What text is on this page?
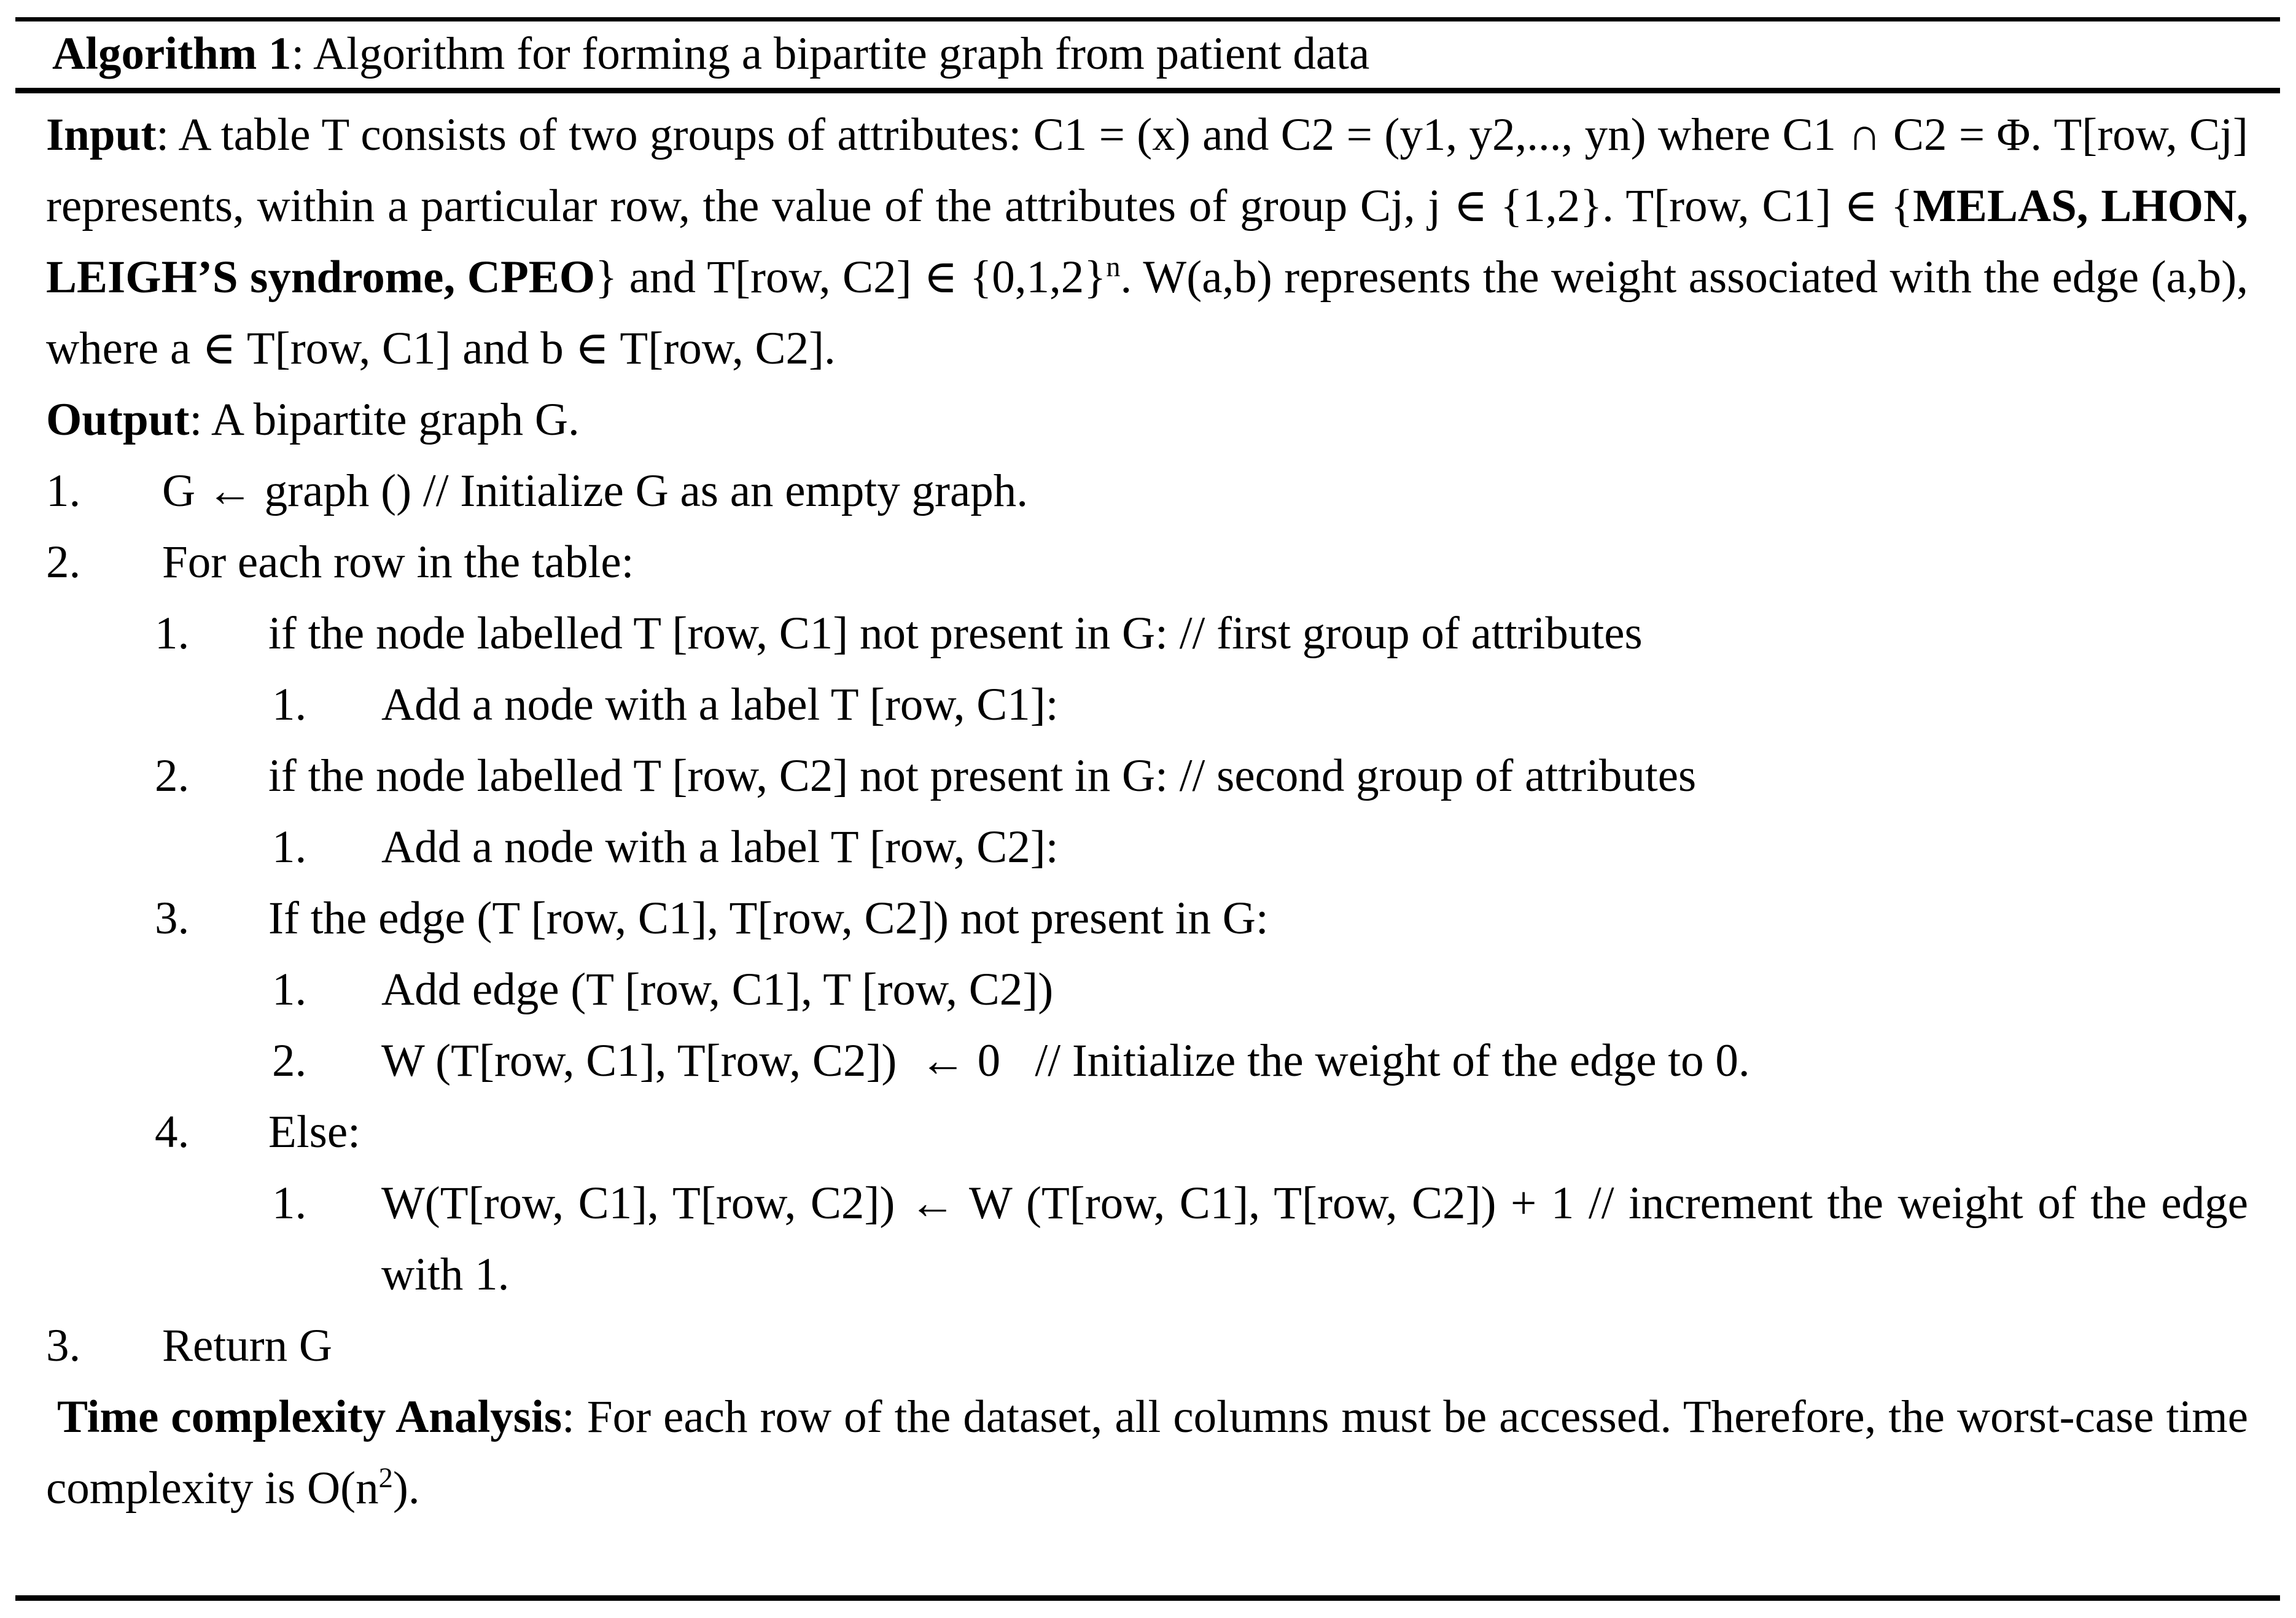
Algorithm 1: Algorithm for forming a bipartite graph from patient data

Input: A table T consists of two groups of attributes: C1 = (x) and C2 = (y1, y2,..., yn) where C1 ∩ C2 = Φ. T[row, Cj] represents, within a particular row, the value of the attributes of group Cj, j ∈ {1,2}. T[row, C1] ∈ {MELAS, LHON, LEIGH’S syndrome, CPEO} and T[row, C2] ∈ $\{0,1,2\}^n$. W(a,b) represents the weight associated with the edge (a,b), where a ∈ T[row, C1] and b ∈ T[row, C2].

Output: A bipartite graph G.

1.	G ← graph () // Initialize G as an empty graph.
2.	For each row in the table:
1.	if the node labelled T [row, C1] not present in G: // first group of attributes
1.	Add a node with a label T [row, C1]:
2.	if the node labelled T [row, C2] not present in G: // second group of attributes
1.	Add a node with a label T [row, C2]:
3.	If the edge (T [row, C1], T[row, C2]) not present in G:
1.	Add edge (T [row, C1], T [row, C2])
2.	W (T[row, C1], T[row, C2])  ← 0   // Initialize the weight of the edge to 0.
4.	Else:
1.	W(T[row, C1], T[row, C2]) ← W (T[row, C1], T[row, C2]) + 1 // increment the weight of the edge with 1.
3.	Return G

Time complexity Analysis: For each row of the dataset, all columns must be accessed. Therefore, the worst-case time complexity is $O(n^2)$.
